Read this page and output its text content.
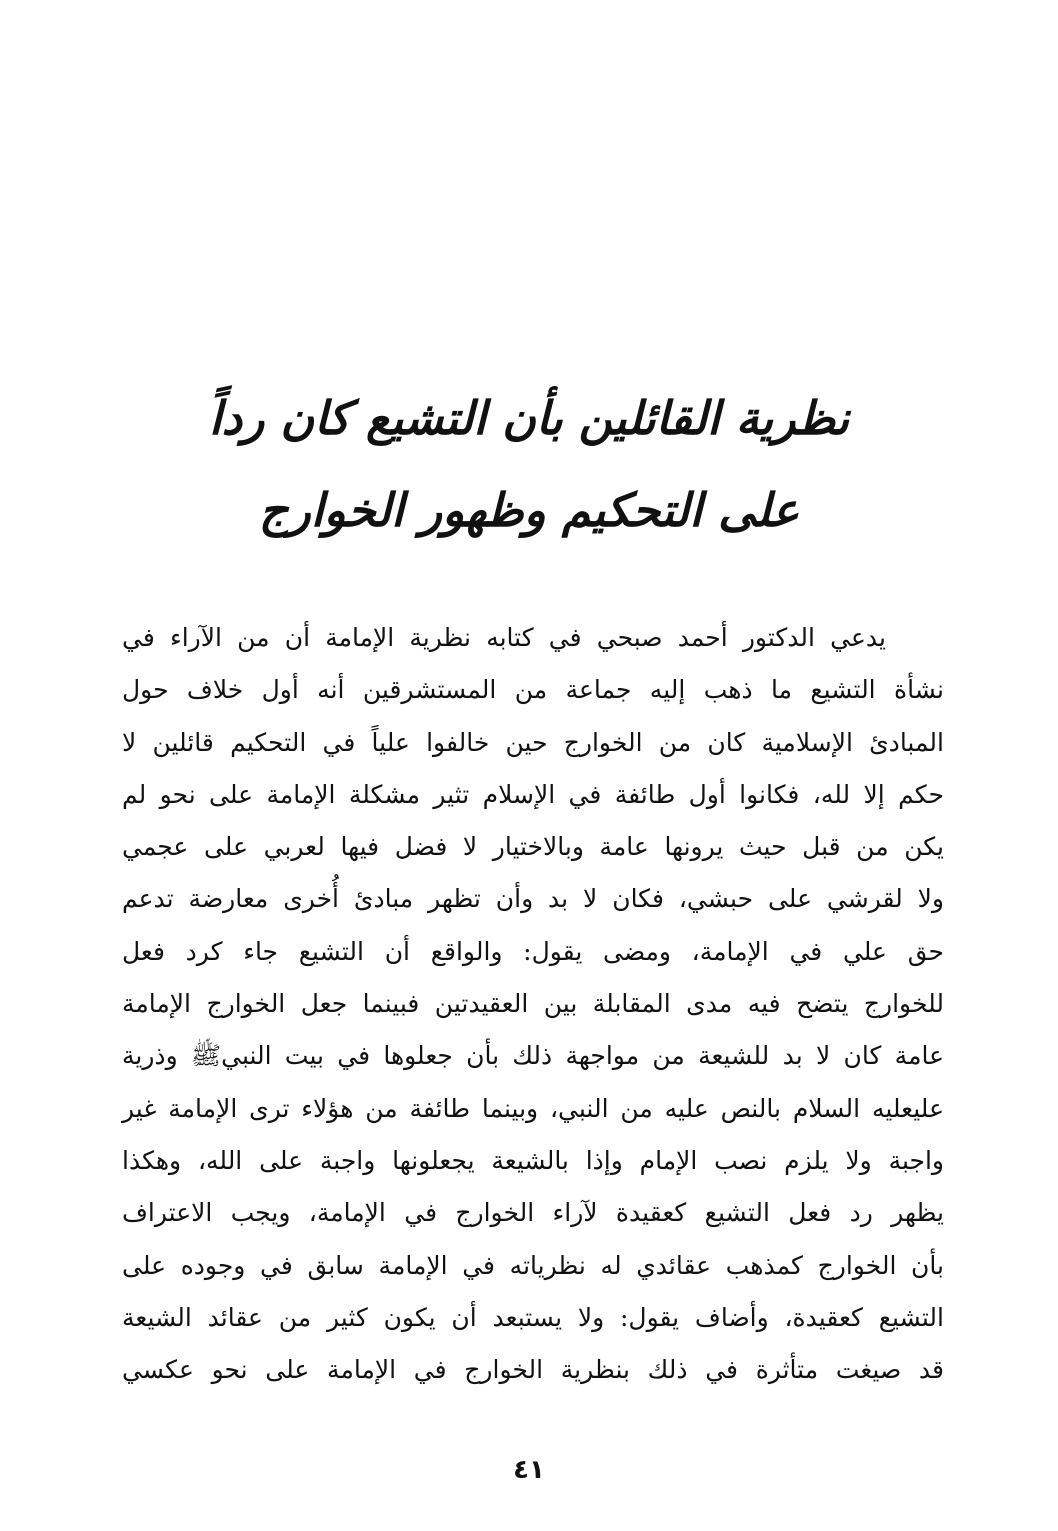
نظرية القائلين بأن التشيع كان رداً
على التحكيم وظهور الخوارج
يدعي الدكتور أحمد صبحي في كتابه نظرية الإمامة أن من الآراء في
نشأة التشيع ما ذهب إليه جماعة من المستشرقين أنه أول خلاف حول
المبادئ الإسلامية كان من الخوارج حين خالفوا علياً في التحكيم قائلين لا
حكم إلا لله، فكانوا أول طائفة في الإسلام تثير مشكلة الإمامة على نحو لم
يكن من قبل حيث يرونها عامة وبالاختيار لا فضل فيها لعربي على عجمي
ولا لقرشي على حبشي، فكان لا بد وأن تظهر مبادئ أُخرى معارضة تدعم
حق علي في الإمامة، ومضى يقول: والواقع أن التشيع جاء كرد فعل
للخوارج يتضح فيه مدى المقابلة بين العقيدتين فبينما جعل الخوارج الإمامة
عامة كان لا بد للشيعة من مواجهة ذلك بأن جعلوها في بيت النبيﷺ وذرية
عليعليه السلام بالنص عليه من النبي، وبينما طائفة من هؤلاء ترى الإمامة غير
واجبة ولا يلزم نصب الإمام وإذا بالشيعة يجعلونها واجبة على الله، وهكذا
يظهر رد فعل التشيع كعقيدة لآراء الخوارج في الإمامة، ويجب الاعتراف
بأن الخوارج كمذهب عقائدي له نظرياته في الإمامة سابق في وجوده على
التشيع كعقيدة، وأضاف يقول: ولا يستبعد أن يكون كثير من عقائد الشيعة
قد صيغت متأثرة في ذلك بنظرية الخوارج في الإمامة على نحو عكسي
٤١
